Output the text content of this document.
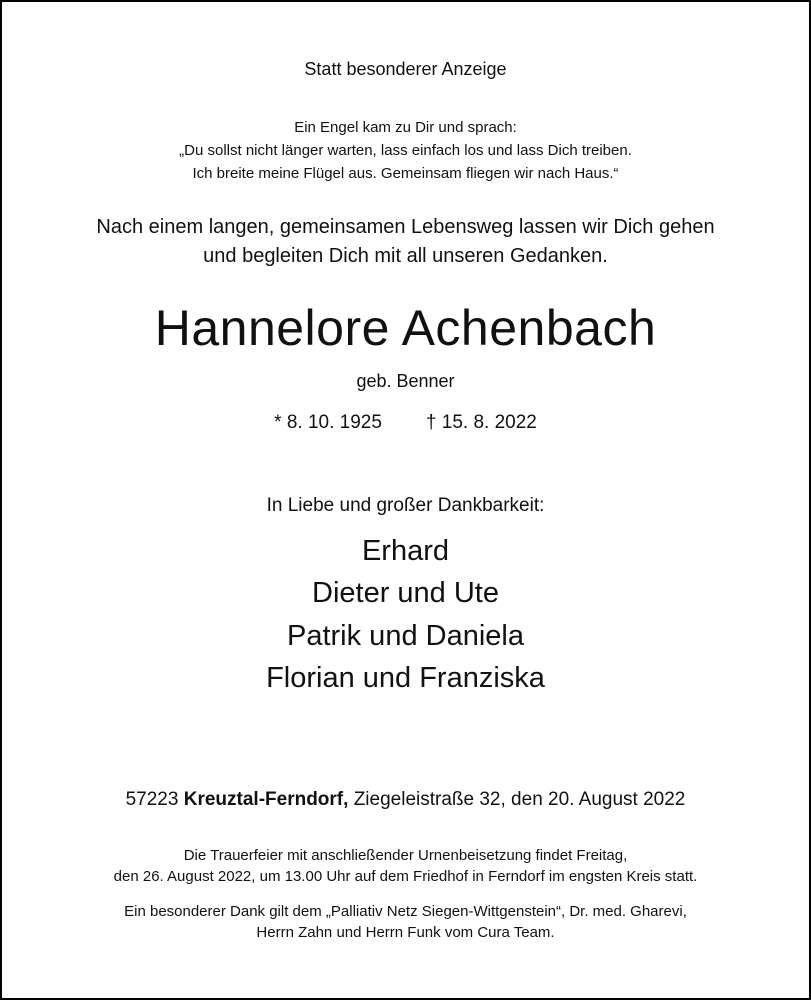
Statt besonderer Anzeige
Ein Engel kam zu Dir und sprach:
„Du sollst nicht länger warten, lass einfach los und lass Dich treiben.
Ich breite meine Flügel aus. Gemeinsam fliegen wir nach Haus.“
Nach einem langen, gemeinsamen Lebensweg lassen wir Dich gehen
und begleiten Dich mit all unseren Gedanken.
Hannelore Achenbach
geb. Benner
* 8. 10. 1925 † 15. 8. 2022
In Liebe und großer Dankbarkeit:
Erhard
Dieter und Ute
Patrik und Daniela
Florian und Franziska
57223 Kreuztal-Ferndorf, Ziegeleistraße 32, den 20. August 2022
Die Trauerfeier mit anschließender Urnenbeisetzung findet Freitag,
den 26. August 2022, um 13.00 Uhr auf dem Friedhof in Ferndorf im engsten Kreis statt.
Ein besonderer Dank gilt dem „Palliativ Netz Siegen-Wittgenstein“, Dr. med. Gharevi,
Herrn Zahn und Herrn Funk vom Cura Team.
